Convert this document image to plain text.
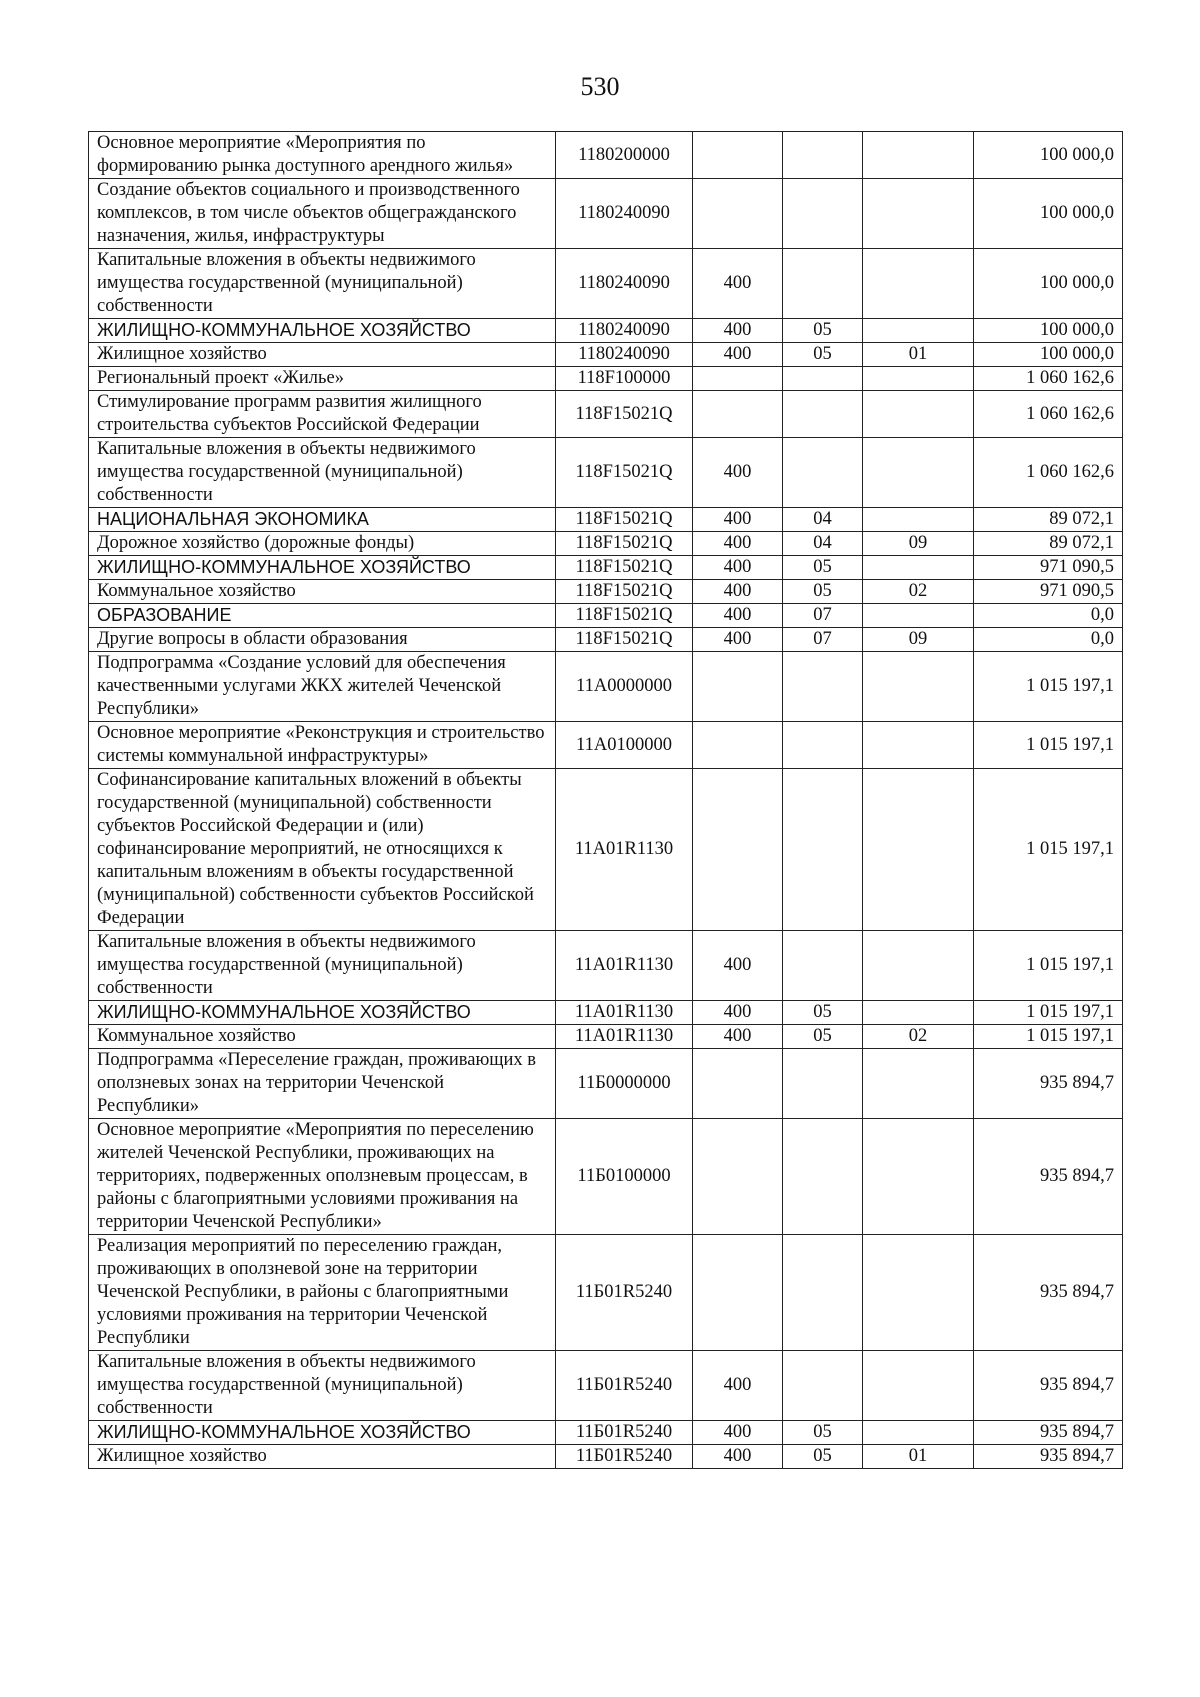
530
Основное мероприятие «Мероприятия по формированию рынка доступного арендного жилья»	1180200000				100 000,0
Создание объектов социального и производственного комплексов, в том числе объектов общегражданского назначения, жилья, инфраструктуры	1180240090				100 000,0
Капитальные вложения в объекты недвижимого имущества государственной (муниципальной) собственности	1180240090	400			100 000,0
ЖИЛИЩНО-КОММУНАЛЬНОЕ ХОЗЯЙСТВО	1180240090	400	05		100 000,0
Жилищное хозяйство	1180240090	400	05	01	100 000,0
Региональный проект «Жилье»	118F100000				1 060 162,6
Стимулирование программ развития жилищного строительства субъектов Российской Федерации	118F15021Q				1 060 162,6
Капитальные вложения в объекты недвижимого имущества государственной (муниципальной) собственности	118F15021Q	400			1 060 162,6
НАЦИОНАЛЬНАЯ ЭКОНОМИКА	118F15021Q	400	04		89 072,1
Дорожное хозяйство (дорожные фонды)	118F15021Q	400	04	09	89 072,1
ЖИЛИЩНО-КОММУНАЛЬНОЕ ХОЗЯЙСТВО	118F15021Q	400	05		971 090,5
Коммунальное хозяйство	118F15021Q	400	05	02	971 090,5
ОБРАЗОВАНИЕ	118F15021Q	400	07		0,0
Другие вопросы в области образования	118F15021Q	400	07	09	0,0
Подпрограмма «Создание условий для обеспечения качественными услугами ЖКХ жителей Чеченской Республики»	11А0000000				1 015 197,1
Основное мероприятие «Реконструкция и строительство системы коммунальной инфраструктуры»	11А0100000				1 015 197,1
Софинансирование капитальных вложений в объекты государственной (муниципальной) собственности субъектов Российской Федерации и (или) софинансирование мероприятий, не относящихся к капитальным вложениям в объекты государственной (муниципальной) собственности субъектов Российской Федерации	11А01R1130				1 015 197,1
Капитальные вложения в объекты недвижимого имущества государственной (муниципальной) собственности	11А01R1130	400			1 015 197,1
ЖИЛИЩНО-КОММУНАЛЬНОЕ ХОЗЯЙСТВО	11А01R1130	400	05		1 015 197,1
Коммунальное хозяйство	11А01R1130	400	05	02	1 015 197,1
Подпрограмма «Переселение граждан, проживающих в оползневых зонах на территории Чеченской Республики»	11Б0000000				935 894,7
Основное мероприятие «Мероприятия по переселению жителей Чеченской Республики, проживающих на территориях, подверженных оползневым процессам, в районы с благоприятными условиями проживания на территории Чеченской Республики»	11Б0100000				935 894,7
Реализация мероприятий по переселению граждан, проживающих в оползневой зоне на территории Чеченской Республики, в районы с благоприятными условиями проживания на территории Чеченской Республики	11Б01R5240				935 894,7
Капитальные вложения в объекты недвижимого имущества государственной (муниципальной) собственности	11Б01R5240	400			935 894,7
ЖИЛИЩНО-КОММУНАЛЬНОЕ ХОЗЯЙСТВО	11Б01R5240	400	05		935 894,7
Жилищное хозяйство	11Б01R5240	400	05	01	935 894,7
